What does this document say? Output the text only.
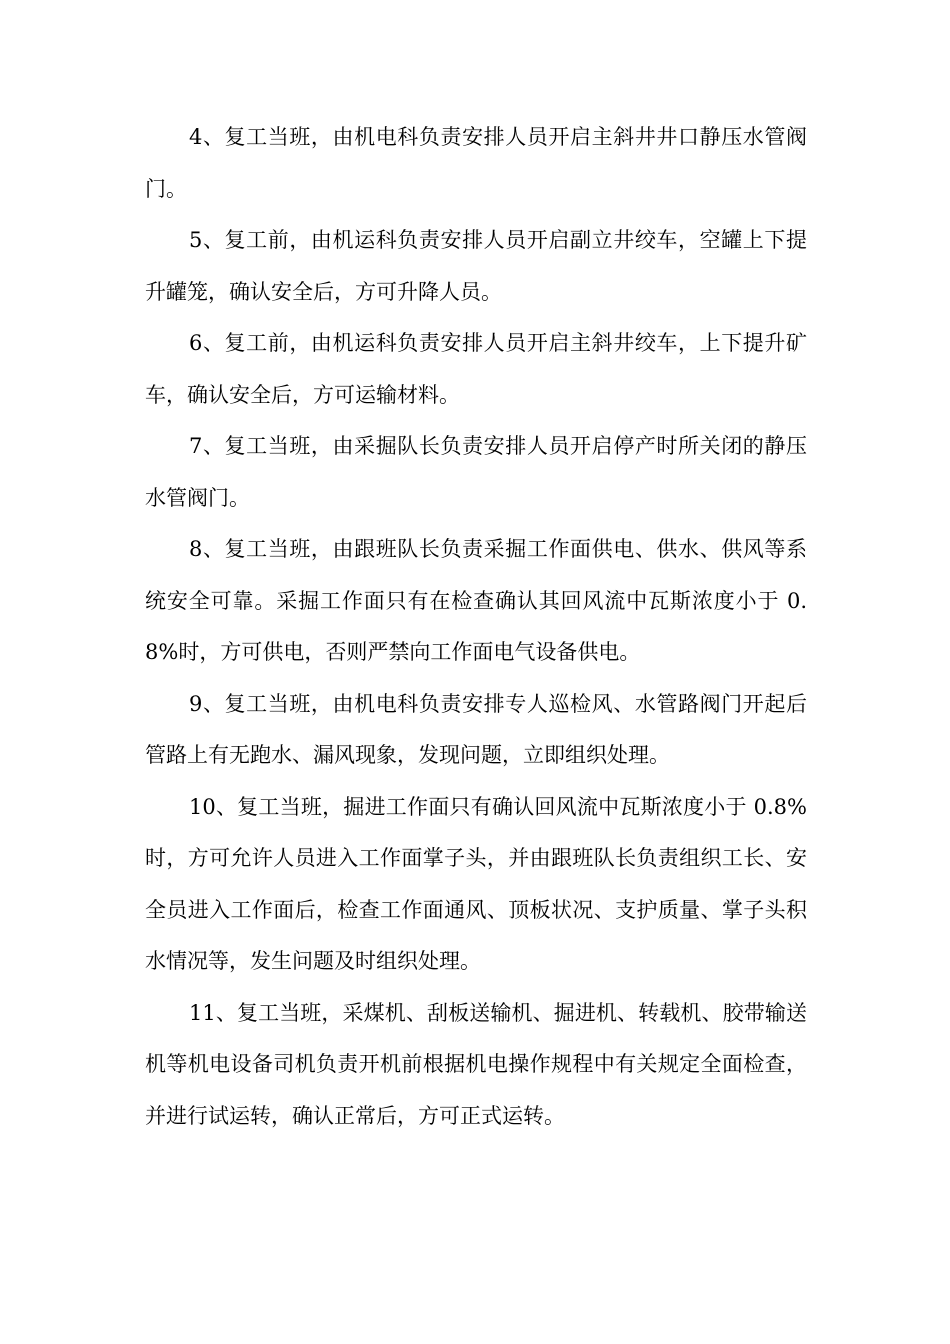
4、复工当班，由机电科负责安排人员开启主斜井井口静压水管阀门。

5、复工前，由机运科负责安排人员开启副立井绞车，空罐上下提升罐笼，确认安全后，方可升降人员。

6、复工前，由机运科负责安排人员开启主斜井绞车，上下提升矿车，确认安全后，方可运输材料。

7、复工当班，由采掘队长负责安排人员开启停产时所关闭的静压水管阀门。

8、复工当班，由跟班队长负责采掘工作面供电、供水、供风等系统安全可靠。采掘工作面只有在检查确认其回风流中瓦斯浓度小于 0.8%时，方可供电，否则严禁向工作面电气设备供电。

9、复工当班，由机电科负责安排专人巡检风、水管路阀门开起后管路上有无跑水、漏风现象，发现问题，立即组织处理。

10、复工当班，掘进工作面只有确认回风流中瓦斯浓度小于 0.8%时，方可允许人员进入工作面掌子头，并由跟班队长负责组织工长、安全员进入工作面后，检查工作面通风、顶板状况、支护质量、掌子头积水情况等，发生问题及时组织处理。

11、复工当班，采煤机、刮板送输机、掘进机、转载机、胶带输送机等机电设备司机负责开机前根据机电操作规程中有关规定全面检查，并进行试运转，确认正常后，方可正式运转。
